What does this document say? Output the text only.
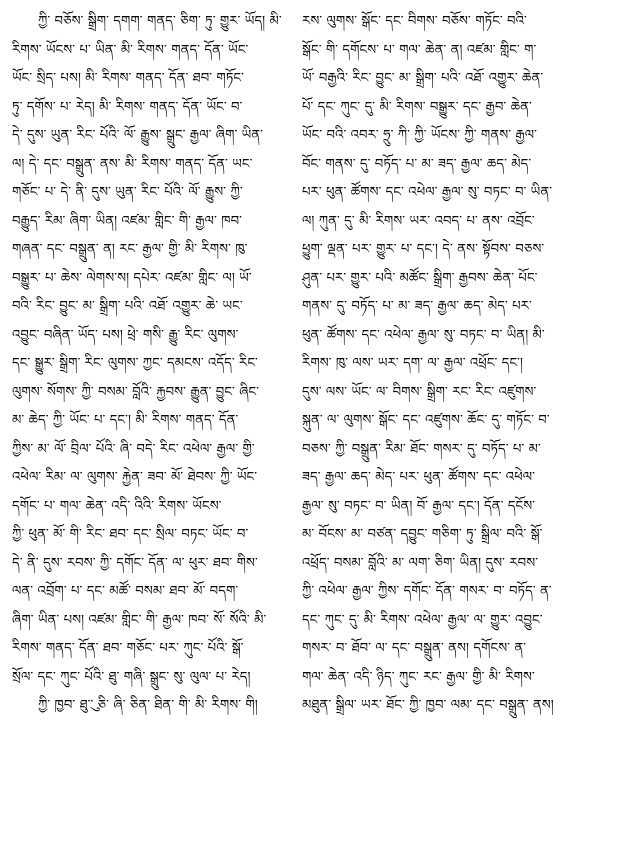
ཀྱི༌ བཅོས༌ སྒྲིག༌ དགག༌ གནད༌ ཅིག༌ ཏུ༌ གྱུར༌ ཡོད། མི༌
རིགས༌ ཡོངས༌ པ༌ ཡིན༌ མི༌ རིགས༌ གནད༌ དོན༌ ཡོང༌
ཡོང༌ སྲིད༌ པས། མི༌ རིགས༌ གནད༌ དོན༌ ཐབ༌ གཏོང༌
ཏུ༌ དགོས༌ པ༌ རེད། མི༌ རིགས༌ གནད༌ དོན༌ ཡོང༌ བ༌
དེ༌ དུས༌ ཡུན༌ རིང༌ པོའི༌ ལོ༌ རྒྱུས༌ སྒྲུང༌ རྒྱལ༌ ཞིག༌ ཡིན༌
ལ། དེ༌ དང༌ བསྒྲུན༌ ནས༌ མི༌ རིགས༌ གནད༌ དོན༌ ཡང༌
གཅོང༌ པ༌ དེ༌ ནི༌ དུས༌ ཡུན༌ རིང༌ པོའི༌ ལོ༌ རྒྱུས༌ ཀྱི༌
བརྒྱུད༌ རིམ༌ ཞིག༌ ཡིན། འཛམ༌ གླིང༌ གི༌ རྒྱལ༌ ཁབ༌
གཞན༌ དང༌ བསྒྲུན༌ ན། རང༌ རྒྱལ༌ གྱི༌ མི༌ རིགས༌ ཁུ༌
བསྒྱུར༌ པ༌ ཆེས༌ ལེགས་ས། དཔེར༌ འཛམ༌ གླིང༌ ལ། ཡོ༌
བའི༌ རིང༌ བྱུང༌ མ༌ སྒྲིག༌ པའི༌ འཐོ༌ འགྱུར༌ ཆེ༌ ཡང༌
འབྱུང༌ བཞིན༌ ཡོད༌ པས། ཕྲེ༌ གསི༌ རྒྱུ༌ རིང༌ ལུགས༌
དང༌ སྒྱུར༌ སྒྲིག༌ རིང༌ ལུགས༌ ཀྱང༌ དམངས༌ འདོད༌ རིང༌
ལུགས༌ སོགས༌ ཀྱི༌ བསམ༌ བློའི༌ རྐྱབས༌ རྒྱུན༌ བྱུང༌ ཞིང༌
མ༌ ཆེད༌ ཀྱི༌ ཡོང༌ པ༌ དང་། མི༌ རིགས༌ གནད༌ དོན༌
ཀྱིས༌ མ༌ ལོ༌ བྲིལ༌ པོའི༌ ཞི༌ བདེ༌ རིང༌ འཕེལ༌ རྒྱལ༌ གྱི༌
འཕེལ༌ རིམ༌ ལ༌ ལུགས༌ རྐྱེན༌ ཟབ༌ མོ༌ ཐེབས༌ ཀྱི༌ ཡོང༌
དགོང༌ པ༌ གལ༌ ཆེན༌ འདི༌ འིའི༌ རིགས༌ ཡོངས༌
ཀྱི༌ ཕུན༌ མོ༌ གི༌ རིང༌ ཐབ༌ དང༌ སྲིལ༌ བཏང༌ ཡོང༌ བ༌
དེ༌ ནི༌ དུས༌ རབས༌ ཀྱི༌ དགོང༌ དོན༌ ལ༌ ཕུར༌ ཐབ༌ གིས༌
ལན༌ འབྲོག༌ པ༌ དང༌ མཚོ༌ བསམ༌ ཐབ༌ མོ༌ བདག༌
ཞིག༌ ཡིན༌ པས། འཛམ༌ གླིང༌ གི༌ རྒྱལ༌ ཁབ༌ སོ༌ སོའི༌ མི༌
རིགས༌ གནད༌ དོན༌ ཐབ༌ གཅོང༌ པར༌ ཀུང༌ པོའི༌ སྒོ༌
སྲོལ༌ དང༌ ཀུང༌ པོའི༌ ཐུ༌ གཞི༌ སྒྲུང༌ སུ༌ ལུལ༌ པ༌ རེད།
ཀྱི༌ ཁྱབ༌ ཐུ་ུ༌ ཅི༌ ཞི༌ ཅིན༌ ཐིན༌ གི༌ མི༌ རིགས༌ གི།
རས༌ ལུགས༌ སྒོང༌ དང༌ བིགས༌ བཅོས༌ གཏོང༌ བའི༌
སྒོང༌ གི༌ དགོངས༌ པ༌ གལ༌ ཆེན༌ ན། འཛམ༌ གླིང༌ ག༌
ཡོ༌ བརྒྱའི༌ རིང༌ བྱུང༌ མ༌ སྒྲིག༌ པའི༌ འཐོ༌ འགྱུར༌ ཆེན༌
པོ༌ དང༌ ཀུང༌ དུ༌ མི༌ རིགས༌ བསྒྱུར༌ དང༌ རྒྱབ༌ ཆེན༌
ཡོང༌ བའི༌ འབར༌ ཧྲུ༌ ཀི༌ ཀྱི༌ ཡོངས༌ ཀྱི༌ གནས༌ རྒྱལ༌
བོང༌ གནས༌ དུ༌ བཏོད༌ པ༌ མ༌ ཟད༌ རྒྱལ༌ ཆད༌ མེད༌
པར༌ ཕུན༌ ཚོགས༌ དང༌ འཕེལ༌ རྒྱལ༌ སུ༌ བཏང༌ བ༌ ཡིན༌
ལ། ཀུན༌ དུ༌ མི༌ རིགས༌ ཡར༌ འབད༌ པ༌ ནས༌ འབྲོང༌
ཕྱུག༌ ལྡན༌ པར༌ གྱུར༌ པ༌ དང་། དེ༌ ནས༌ སྟོབས༌ བཅས༌
ཤུན༌ པར༌ གྱུར༌ པའི༌ མཚོང༌ སྒྲིག༌ རྒྱབས༌ ཆེན༌ པོང༌
གནས༌ དུ༌ བཏོད༌ པ༌ མ༌ ཟད༌ རྒྱལ༌ ཆད༌ མེད༌ པར༌
ཕུན༌ ཚོགས༌ དང༌ འཕེལ༌ རྒྱལ༌ སུ༌ བཏང༌ བ༌ ཡིན། མི༌
རིགས༌ ཁུ༌ ལས༌ ཡར༌ དག༌ ལ༌ རྒྱལ༌ འཕྲོང༌ དང་།
དུས༌ ལས༌ ཡོང༌ ལ༌ བིགས༌ སྒྲིག༌ རང༌ རིང༌ འཛུགས༌
སྐུན༌ ལ༌ ལུགས༌ སྒོང༌ དང༌ འཛུགས༌ ཆོང༌ དུ༌ གཏོང༌ བ༌
བཅས༌ ཀྱི༌ བསྒྲུན༌ རིམ༌ ཐོང༌ གསར༌ དུ༌ བཏོད༌ པ༌ མ༌
ཟད༌ རྒྱལ༌ ཆད༌ མེད༌ པར༌ ཕུན༌ ཚོགས༌ དང༌ འཕེལ༌
རྒྱལ༌ སུ༌ བཏང༌ བ༌ ཡིན། བོ༌ རྒྱལ༌ དང་། དོན༌ དངོས༌
མ༌ བོངས༌ མ༌ བཙན༌ དབྱུང༌ གཅིག༌ ཏུ༌ སྒྲིལ༌ བའི༌ སྒོ༌
འཕྲོད༌ བསམ༌ བློའི༌ མ༌ ལག༌ ཅིག༌ ཡིན། དུས༌ རབས༌
ཀྱི༌ འཕེལ༌ རྒྱལ༌ ཀྱིས༌ དགོང༌ དོན༌ གསར༌ བ༌ བཏོད༌ ན༌
དང༌ ཀུང༌ དུ༌ མི༌ རིགས༌ འཕེལ༌ རྒྱལ༌ ལ༌ གྱུར༌ འབྱུང༌
གསར༌ བ༌ ཐོབ༌ ལ༌ དང༌ བསྒྲུན༌ ནས། དགོངས༌ ན༌
གལ༌ ཆེན༌ འདི༌ ཉིད༌ ཀུང༌ རང༌ རྒྱལ༌ གྱི༌ མི༌ རིགས༌
མཐུན༌ སྒྲིལ༌ ཡར༌ ཐོང༌ ཀྱི༌ ཁྱབ༌ ལམ༌ དང༌ བསྒྲུན༌ ནས།
